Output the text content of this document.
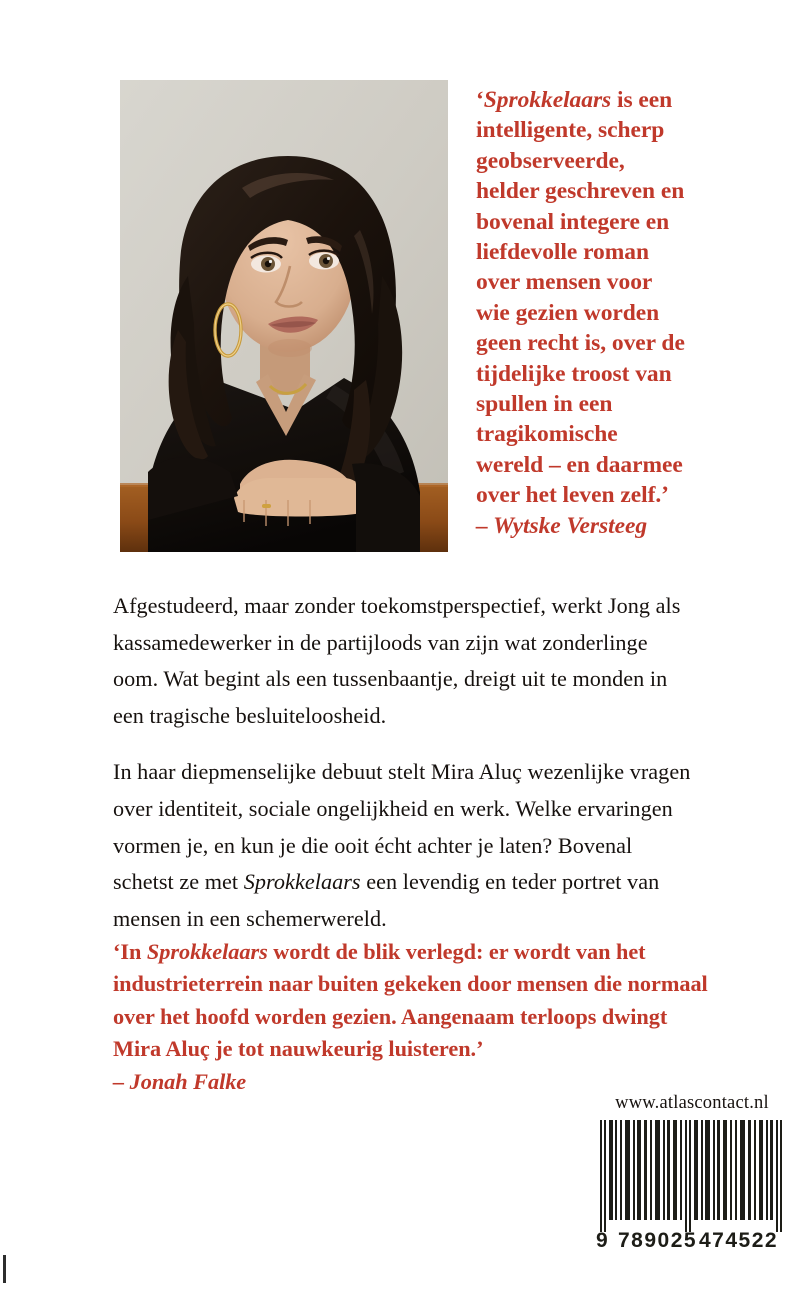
‘Sprokkelaars is een intelligente, scherp geobserveerde, helder geschreven en bovenal integere en liefdevolle roman over mensen voor wie gezien worden geen recht is, over de tijdelijke troost van spullen in een tragikomische wereld – en daarmee over het leven zelf.’
– Wytske Versteeg

Afgestudeerd, maar zonder toekomstperspectief, werkt Jong als kassamedewerker in de partijloods van zijn wat zonderlinge oom. Wat begint als een tussenbaantje, dreigt uit te monden in een tragische besluiteloosheid.

In haar diepmenselijke debuut stelt Mira Aluç wezenlijke vragen over identiteit, sociale ongelijkheid en werk. Welke ervaringen vormen je, en kun je die ooit écht achter je laten? Bovenal schetst ze met Sprokkelaars een levendig en teder portret van mensen in een schemerwereld.

‘In Sprokkelaars wordt de blik verlegd: er wordt van het industrieterrein naar buiten gekeken door mensen die normaal over het hoofd worden gezien. Aangenaam terloops dwingt Mira Aluç je tot nauwkeurig luisteren.’
– Jonah Falke
www.atlascontact.nl
9 789025 474522
